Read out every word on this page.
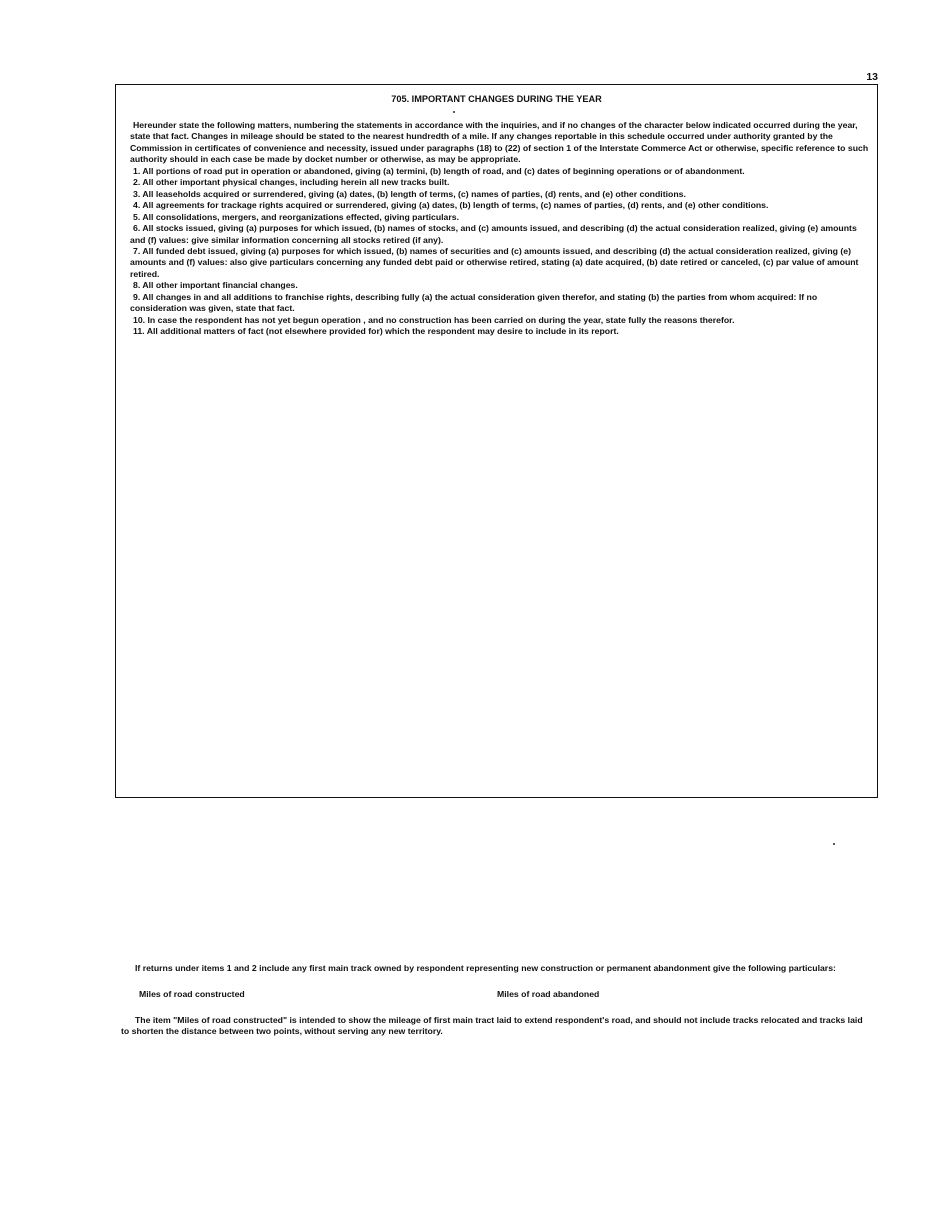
13
705. IMPORTANT CHANGES DURING THE YEAR

Hereunder state the following matters, numbering the statements in accordance with the inquiries, and if no changes of the character below indicated occurred during the year, state that fact. Changes in mileage should be stated to the nearest hundredth of a mile. If any changes reportable in this schedule occurred under authority granted by the Commission in certificates of convenience and necessity, issued under paragraphs (18) to (22) of section 1 of the Interstate Commerce Act or otherwise, specific reference to such authority should in each case be made by docket number or otherwise, as may be appropriate.

1. All portions of road put in operation or abandoned, giving (a) termini, (b) length of road, and (c) dates of beginning operations or of abandonment.

2. All other important physical changes, including herein all new tracks built.

3. All leaseholds acquired or surrendered, giving (a) dates, (b) length of terms, (c) names of parties, (d) rents, and (e) other conditions.

4. All agreements for trackage rights acquired or surrendered, giving (a) dates, (b) length of terms, (c) names of parties, (d) rents, and (e) other conditions.

5. All consolidations, mergers, and reorganizations effected, giving particulars.

6. All stocks issued, giving (a) purposes for which issued, (b) names of stocks, and (c) amounts issued, and describing (d) the actual consideration realized, giving (e) amounts and (f) values: give similar information concerning all stocks retired (if any).

7. All funded debt issued, giving (a) purposes for which issued, (b) names of securities and (c) amounts issued, and describing (d) the actual consideration realized, giving (e) amounts and (f) values: also give particulars concerning any funded debt paid or otherwise retired, stating (a) date acquired, (b) date retired or canceled, (c) par value of amount retired.

8. All other important financial changes.

9. All changes in and all additions to franchise rights, describing fully (a) the actual consideration given therefor, and stating (b) the parties from whom acquired: If no consideration was given, state that fact.

10. In case the respondent has not yet begun operation , and no construction has been carried on during the year, state fully the reasons therefor.

11. All additional matters of fact (not elsewhere provided for) which the respondent may desire to include in its report.

If returns under items 1 and 2 include any first main track owned by respondent representing new construction or permanent abandonment give the following particulars:

Miles of road constructed	Miles of road abandoned

The item "Miles of road constructed" is intended to show the mileage of first main tract laid to extend respondent's road, and should not include tracks relocated and tracks laid to shorten the distance between two points, without serving any new territory.
